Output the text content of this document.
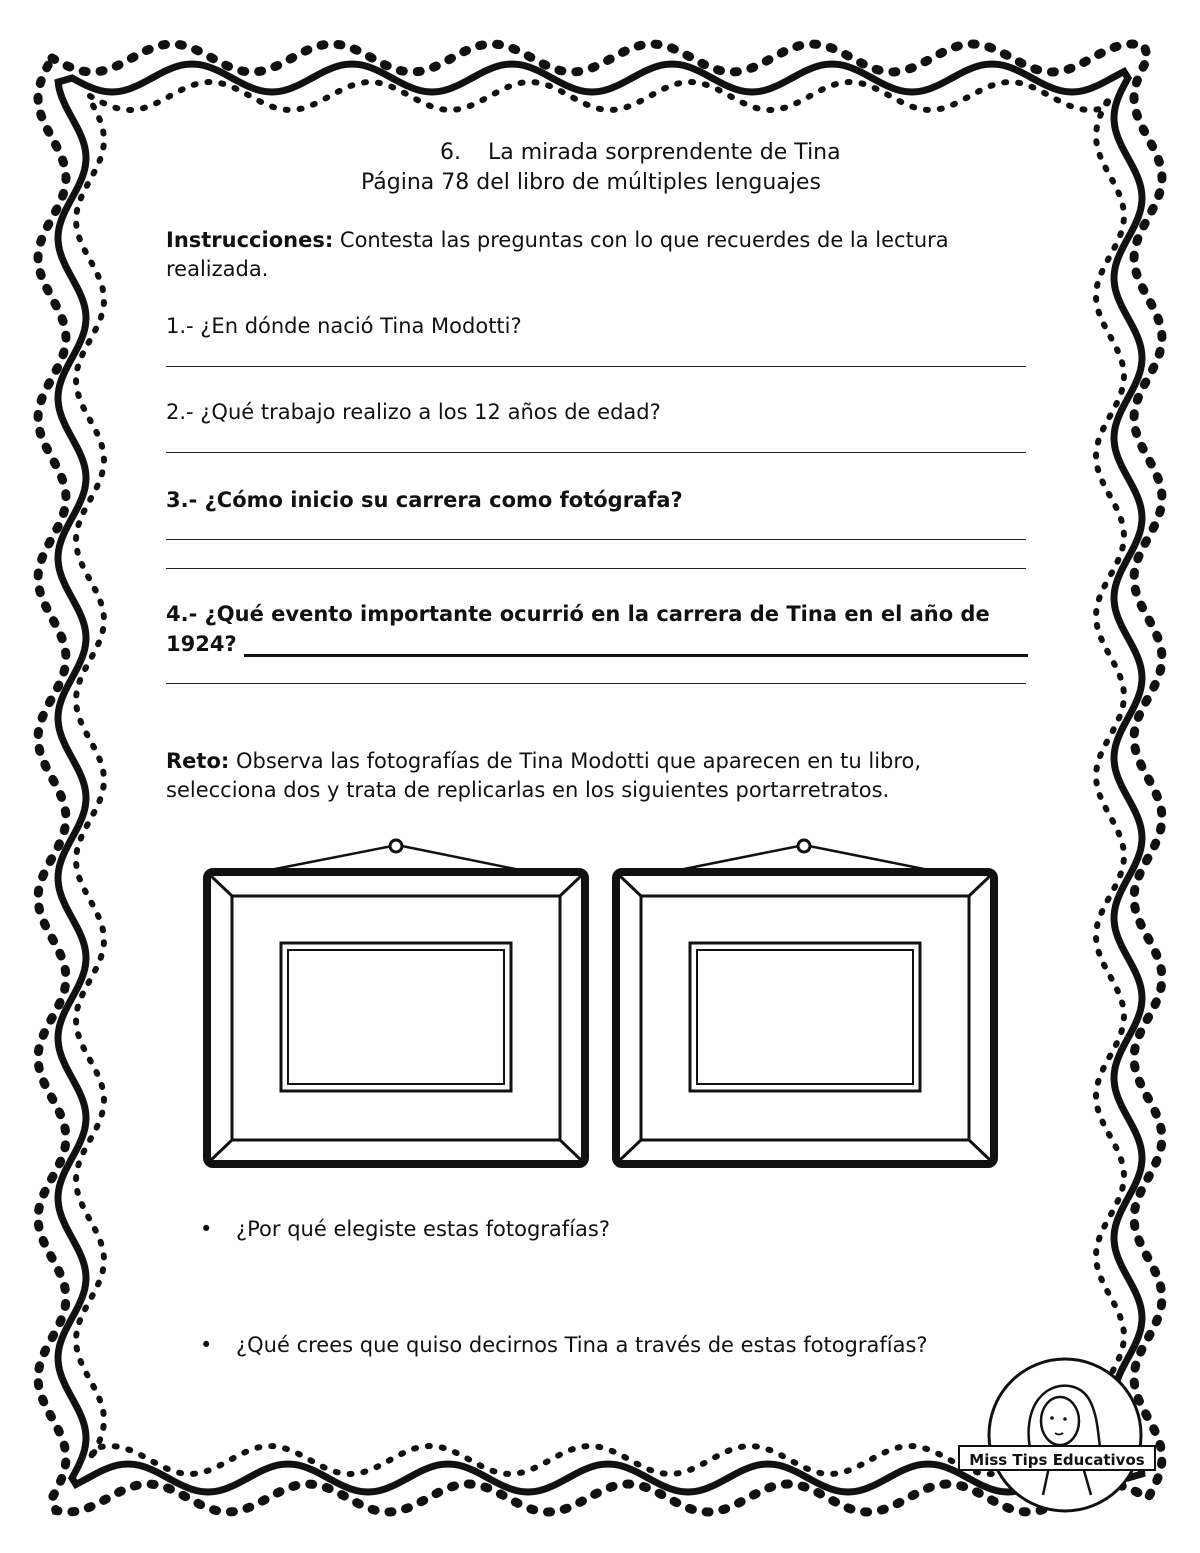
6. La mirada sorprendente de Tina
Página 78 del libro de múltiples lenguajes
Instrucciones: Contesta las preguntas con lo que recuerdes de la lectura
realizada.
1.- ¿En dónde nació Tina Modotti?
2.- ¿Qué trabajo realizo a los 12 años de edad?
3.- ¿Cómo inicio su carrera como fotógrafa?
4.- ¿Qué evento importante ocurrió en la carrera de Tina en el año de
1924?
Reto: Observa las fotografías de Tina Modotti que aparecen en tu libro,
selecciona dos y trata de replicarlas en los siguientes portarretratos.
• ¿Por qué elegiste estas fotografías?
• ¿Qué crees que quiso decirnos Tina a través de estas fotografías?
Miss Tips Educativos
